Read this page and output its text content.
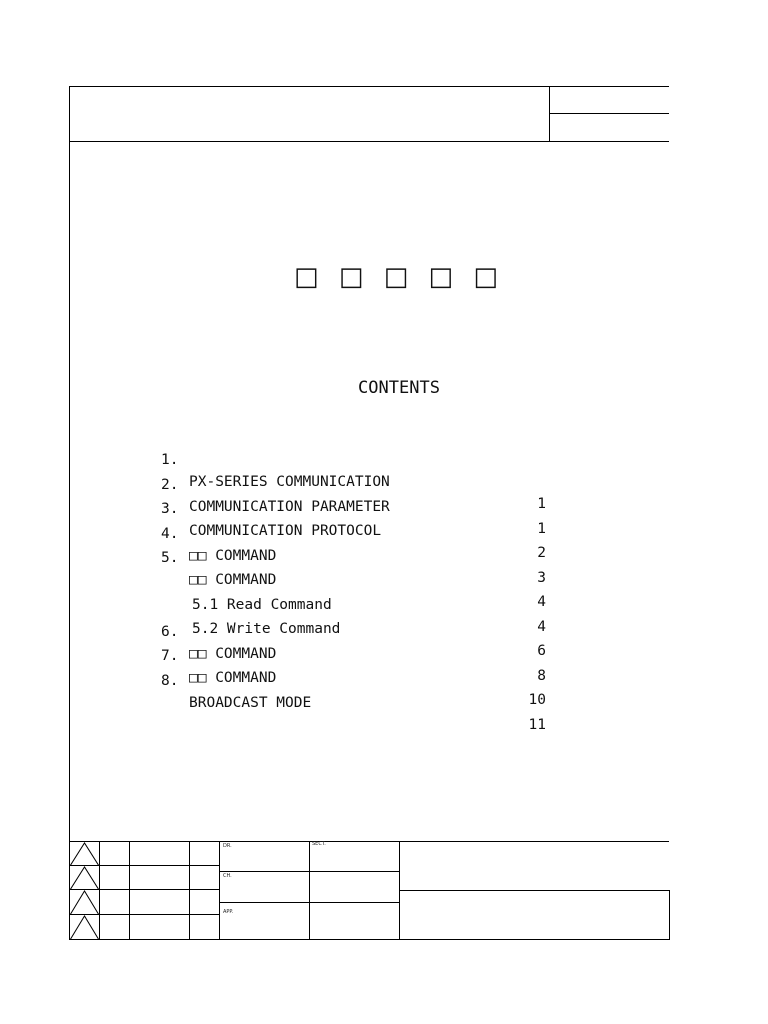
□ □ □ □ □
CONTENTS

1.

PX-SERIES COMMUNICATION

1

2.

COMMUNICATION PARAMETER

1

3.

COMMUNICATION PROTOCOL

2

4.

□□ COMMAND

3

5.

□□ COMMAND

4

5.1 Read Command

4

5.2 Write Command

6

6.

□□ COMMAND

8

7.

□□ COMMAND

10

8.

BROADCAST MODE

11

DR.	SECT.
CH.
APP.
